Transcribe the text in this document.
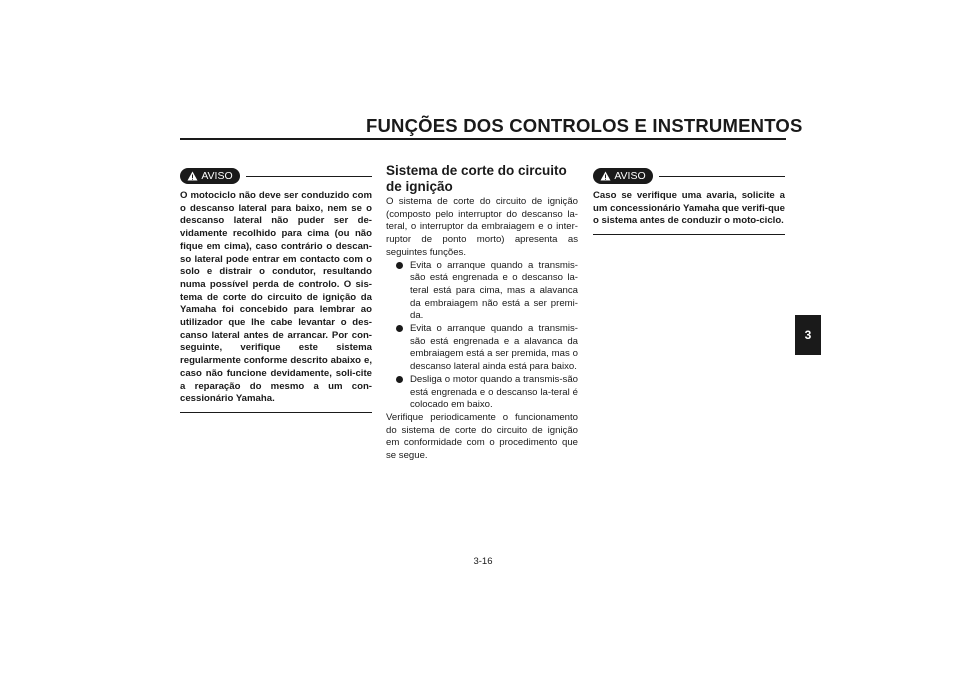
FUNÇÕES DOS CONTROLOS E INSTRUMENTOS
3
AVISO

O motociclo não deve ser conduzido com o descanso lateral para baixo, nem se o descanso lateral não puder ser de-vidamente recolhido para cima (ou não fique em cima), caso contrário o descan-so lateral pode entrar em contacto com o solo e distrair o condutor, resultando numa possível perda de controlo. O sis-tema de corte do circuito de ignição da Yamaha foi concebido para lembrar ao utilizador que lhe cabe levantar o des-canso lateral antes de arrancar. Por con-seguinte, verifique este sistema regularmente conforme descrito abaixo e, caso não funcione devidamente, soli-cite a reparação do mesmo a um con-cessionário Yamaha.

Sistema de corte do circuito de ignição

O sistema de corte do circuito de ignição (composto pelo interruptor do descanso la-teral, o interruptor da embraiagem e o inter-ruptor de ponto morto) apresenta as seguintes funções.

Evita o arranque quando a transmis-são está engrenada e o descanso la-teral está para cima, mas a alavanca da embraiagem não está a ser premi-da.
Evita o arranque quando a transmis-são está engrenada e a alavanca da embraiagem está a ser premida, mas o descanso lateral ainda está para baixo.
Desliga o motor quando a transmis-são está engrenada e o descanso la-teral é colocado em baixo.

Verifique periodicamente o funcionamento do sistema de corte do circuito de ignição em conformidade com o procedimento que se segue.

AVISO

Caso se verifique uma avaria, solicite a um concessionário Yamaha que verifi-que o sistema antes de conduzir o moto-ciclo.

3-16
